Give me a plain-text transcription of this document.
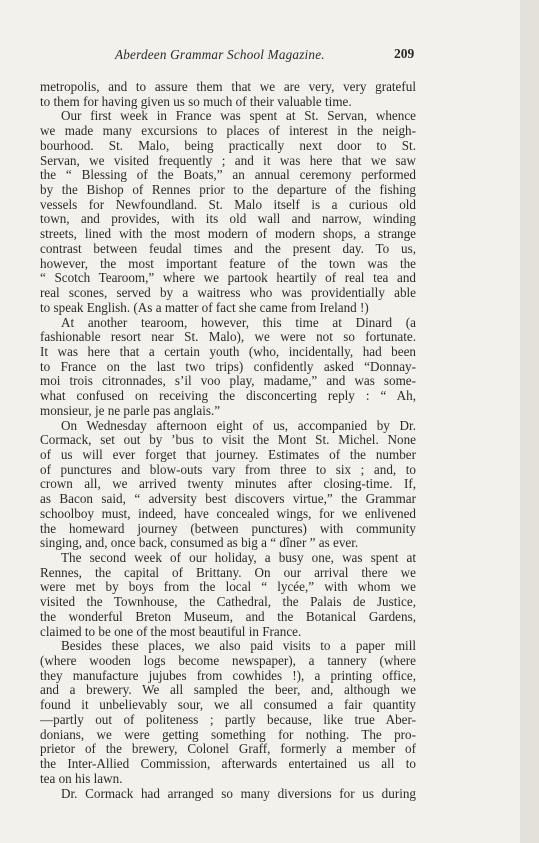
Aberdeen Grammar School Magazine.	209
metropolis, and to assure them that we are very, very grateful
to them for having given us so much of their valuable time.
Our first week in France was spent at St. Servan, whence
we made many excursions to places of interest in the neigh-
bourhood. St. Malo, being practically next door to St.
Servan, we visited frequently ; and it was here that we saw
the “ Blessing of the Boats,” an annual ceremony performed
by the Bishop of Rennes prior to the departure of the fishing
vessels for Newfoundland. St. Malo itself is a curious old
town, and provides, with its old wall and narrow, winding
streets, lined with the most modern of modern shops, a strange
contrast between feudal times and the present day. To us,
however, the most important feature of the town was the
“ Scotch Tearoom,” where we partook heartily of real tea and
real scones, served by a waitress who was providentially able
to speak English. (As a matter of fact she came from Ireland !)
At another tearoom, however, this time at Dinard (a
fashionable resort near St. Malo), we were not so fortunate.
It was here that a certain youth (who, incidentally, had been
to France on the last two trips) confidently asked “Donnay-
moi trois citronnades, s’il voo play, madame,” and was some-
what confused on receiving the disconcerting reply : “ Ah,
monsieur, je ne parle pas anglais.”
On Wednesday afternoon eight of us, accompanied by Dr.
Cormack, set out by ’bus to visit the Mont St. Michel. None
of us will ever forget that journey. Estimates of the number
of punctures and blow-outs vary from three to six ; and, to
crown all, we arrived twenty minutes after closing-time. If,
as Bacon said, “ adversity best discovers virtue,” the Grammar
schoolboy must, indeed, have concealed wings, for we enlivened
the homeward journey (between punctures) with community
singing, and, once back, consumed as big a “ dîner ” as ever.
The second week of our holiday, a busy one, was spent at
Rennes, the capital of Brittany. On our arrival there we
were met by boys from the local “ lycée,” with whom we
visited the Townhouse, the Cathedral, the Palais de Justice,
the wonderful Breton Museum, and the Botanical Gardens,
claimed to be one of the most beautiful in France.
Besides these places, we also paid visits to a paper mill
(where wooden logs become newspaper), a tannery (where
they manufacture jujubes from cowhides !), a printing office,
and a brewery. We all sampled the beer, and, although we
found it unbelievably sour, we all consumed a fair quantity
—partly out of politeness ; partly because, like true Aber-
donians, we were getting something for nothing. The pro-
prietor of the brewery, Colonel Graff, formerly a member of
the Inter-Allied Commission, afterwards entertained us all to
tea on his lawn.
Dr. Cormack had arranged so many diversions for us during
